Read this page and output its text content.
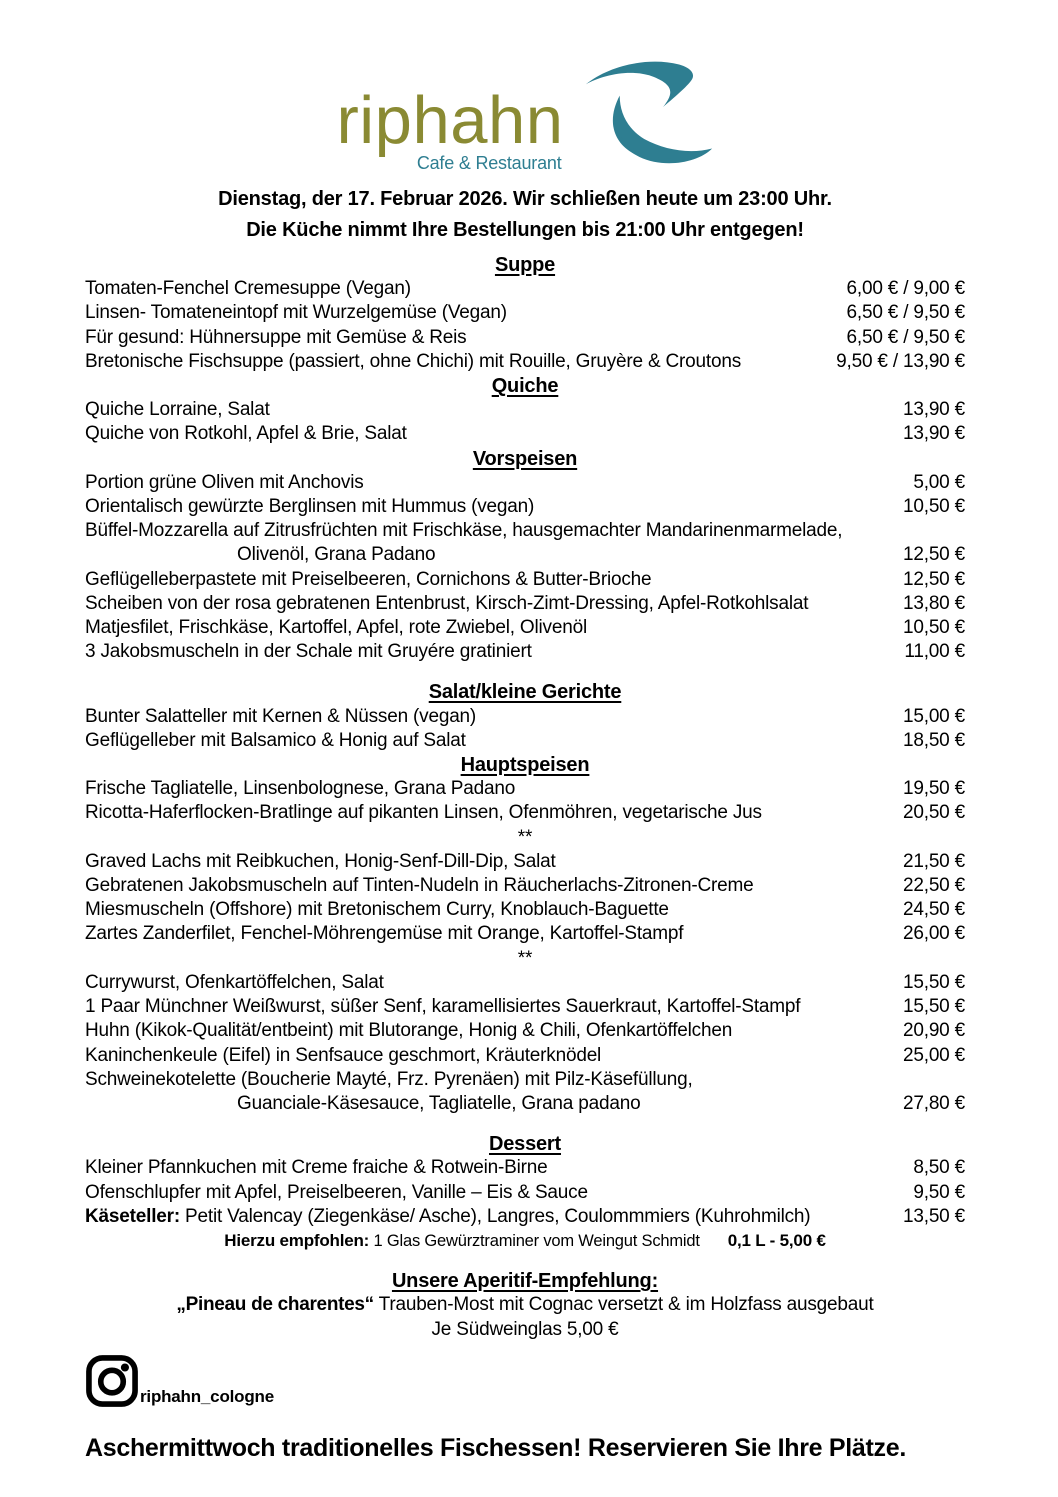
riphahn
Cafe & Restaurant

Dienstag, der 17. Februar 2026. Wir schließen heute um 23:00 Uhr.

Die Küche nimmt Ihre Bestellungen bis 21:00 Uhr entgegen!

Suppe
Tomaten-Fenchel Cremesuppe (Vegan)	6,00 € / 9,00 €
Linsen- Tomateneintopf mit Wurzelgemüse (Vegan)	6,50 € / 9,50 €
Für gesund: Hühnersuppe mit Gemüse & Reis	6,50 € / 9,50 €
Bretonische Fischsuppe (passiert, ohne Chichi) mit Rouille, Gruyère & Croutons	9,50 € / 13,90 €
Quiche
Quiche Lorraine, Salat	13,90 €
Quiche von Rotkohl, Apfel & Brie, Salat	13,90 €
Vorspeisen
Portion grüne Oliven mit Anchovis	5,00 €
Orientalisch gewürzte Berglinsen mit Hummus (vegan)	10,50 €
Büffel-Mozzarella auf Zitrusfrüchten mit Frischkäse, hausgemachter Mandarinenmarmelade,
Olivenöl, Grana Padano	12,50 €
Geflügelleberpastete mit Preiselbeeren, Cornichons & Butter-Brioche	12,50 €
Scheiben von der rosa gebratenen Entenbrust, Kirsch-Zimt-Dressing, Apfel-Rotkohlsalat	13,80 €
Matjesfilet, Frischkäse, Kartoffel, Apfel, rote Zwiebel, Olivenöl	10,50 €
3 Jakobsmuscheln in der Schale mit Gruyére gratiniert	11,00 €
Salat/kleine Gerichte
Bunter Salatteller mit Kernen & Nüssen (vegan)	15,00 €
Geflügelleber mit Balsamico & Honig auf Salat	18,50 €
Hauptspeisen
Frische Tagliatelle, Linsenbolognese, Grana Padano	19,50 €
Ricotta-Haferflocken-Bratlinge auf pikanten Linsen, Ofenmöhren, vegetarische Jus	20,50 €
**
Graved Lachs mit Reibkuchen, Honig-Senf-Dill-Dip, Salat	21,50 €
Gebratenen Jakobsmuscheln auf Tinten-Nudeln in Räucherlachs-Zitronen-Creme	22,50 €
Miesmuscheln (Offshore) mit Bretonischem Curry, Knoblauch-Baguette	24,50 €
Zartes Zanderfilet, Fenchel-Möhrengemüse mit Orange, Kartoffel-Stampf	26,00 €
**
Currywurst, Ofenkartöffelchen, Salat	15,50 €
1 Paar Münchner Weißwurst, süßer Senf, karamellisiertes Sauerkraut, Kartoffel-Stampf	15,50 €
Huhn (Kikok-Qualität/entbeint) mit Blutorange, Honig & Chili, Ofenkartöffelchen	20,90 €
Kaninchenkeule (Eifel) in Senfsauce geschmort, Kräuterknödel	25,00 €
Schweinekotelette (Boucherie Mayté, Frz. Pyrenäen) mit Pilz-Käsefüllung,
Guanciale-Käsesauce, Tagliatelle, Grana padano	27,80 €
Dessert
Kleiner Pfannkuchen mit Creme fraiche & Rotwein-Birne	8,50 €
Ofenschlupfer mit Apfel, Preiselbeeren, Vanille – Eis & Sauce	9,50 €
Käseteller: Petit Valencay (Ziegenkäse/ Asche), Langres, Coulommmiers (Kuhrohmilch)	13,50 €
Hierzu empfohlen: 1 Glas Gewürztraminer vom Weingut Schmidt 0,1 L - 5,00 €
Unsere Aperitif-Empfehlung:
„Pineau de charentes“ Trauben-Most mit Cognac versetzt & im Holzfass ausgebaut
Je Südweinglas 5,00 €
riphahn_cologne
Aschermittwoch traditionelles Fischessen! Reservieren Sie Ihre Plätze.
